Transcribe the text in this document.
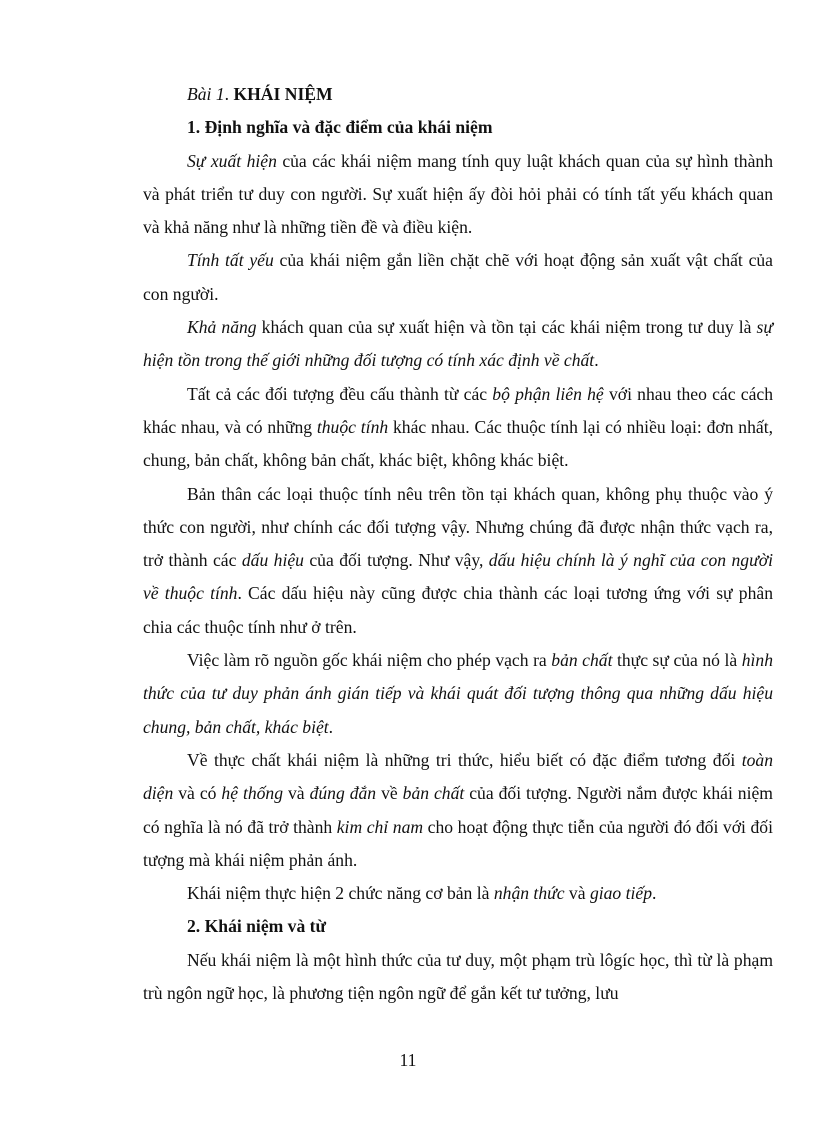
Bài 1. KHÁI NIỆM

1. Định nghĩa và đặc điểm của khái niệm

Sự xuất hiện của các khái niệm mang tính quy luật khách quan của sự hình thành và phát triển tư duy con người. Sự xuất hiện ấy đòi hỏi phải có tính tất yếu khách quan và khả năng như là những tiền đề và điều kiện.

Tính tất yếu của khái niệm gắn liền chặt chẽ với hoạt động sản xuất vật chất của con người.

Khả năng khách quan của sự xuất hiện và tồn tại các khái niệm trong tư duy là sự hiện tồn trong thế giới những đối tượng có tính xác định về chất.

Tất cả các đối tượng đều cấu thành từ các bộ phận liên hệ với nhau theo các cách khác nhau, và có những thuộc tính khác nhau. Các thuộc tính lại có nhiều loại: đơn nhất, chung, bản chất, không bản chất, khác biệt, không khác biệt.

Bản thân các loại thuộc tính nêu trên tồn tại khách quan, không phụ thuộc vào ý thức con người, như chính các đối tượng vậy. Nhưng chúng đã được nhận thức vạch ra, trở thành các dấu hiệu của đối tượng. Như vậy, dấu hiệu chính là ý nghĩ của con người về thuộc tính. Các dấu hiệu này cũng được chia thành các loại tương ứng với sự phân chia các thuộc tính như ở trên.

Việc làm rõ nguồn gốc khái niệm cho phép vạch ra bản chất thực sự của nó là hình thức của tư duy phản ánh gián tiếp và khái quát đối tượng thông qua những dấu hiệu chung, bản chất, khác biệt.

Về thực chất khái niệm là những tri thức, hiểu biết có đặc điểm tương đối toàn diện và có hệ thống và đúng đắn về bản chất của đối tượng. Người nắm được khái niệm có nghĩa là nó đã trở thành kim chỉ nam cho hoạt động thực tiễn của người đó đối với đối tượng mà khái niệm phản ánh.

Khái niệm thực hiện 2 chức năng cơ bản là nhận thức và giao tiếp.

2. Khái niệm và từ

Nếu khái niệm là một hình thức của tư duy, một phạm trù lôgíc học, thì từ là phạm trù ngôn ngữ học, là phương tiện ngôn ngữ để gắn kết tư tưởng, lưu

11
